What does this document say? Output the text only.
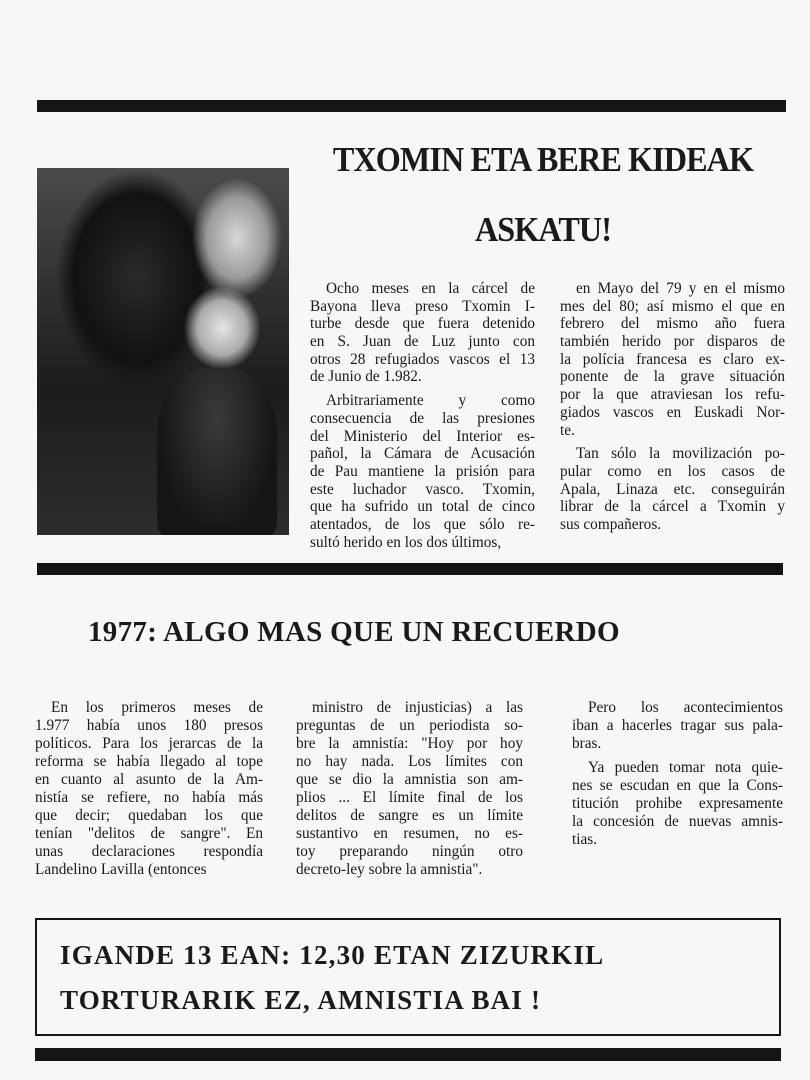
TXOMIN ETA BERE KIDEAK
ASKATU!
Ocho meses en la cárcel de
Bayona lleva preso Txomin I-
turbe desde que fuera detenido
en S. Juan de Luz junto con
otros 28 refugiados vascos el 13
de Junio de 1.982.
Arbitrariamente y como
consecuencia de las presiones
del Ministerio del Interior es-
pañol, la Cámara de Acusación
de Pau mantiene la prisión para
este luchador vasco. Txomin,
que ha sufrido un total de cinco
atentados, de los que sólo re-
sultó herido en los dos últimos,
en Mayo del 79 y en el mismo
mes del 80; así mismo el que en
febrero del mismo año fuera
también herido por disparos de
la polícia francesa es claro ex-
ponente de la grave situación
por la que atraviesan los refu-
giados vascos en Euskadi Nor-
te.
Tan sólo la movilización po-
pular como en los casos de
Apala, Linaza etc. conseguirán
librar de la cárcel a Txomin y
sus compañeros.
1977: ALGO MAS QUE UN RECUERDO
En los primeros meses de
1.977 había unos 180 presos
políticos. Para los jerarcas de la
reforma se había llegado al tope
en cuanto al asunto de la Am-
nistía se refiere, no había más
que decir; quedaban los que
tenían "delitos de sangre". En
unas declaraciones respondía
Landelino Lavilla (entonces
ministro de injusticias) a las
preguntas de un periodista so-
bre la amnistía: "Hoy por hoy
no hay nada. Los límites con
que se dio la amnistia son am-
plios ... El límite final de los
delitos de sangre es un límite
sustantivo en resumen, no es-
toy preparando ningún otro
decreto-ley sobre la amnistia".
Pero los acontecimientos
iban a hacerles tragar sus pala-
bras.
Ya pueden tomar nota quie-
nes se escudan en que la Cons-
titución prohibe expresamente
la concesión de nuevas amnis-
tias.
IGANDE 13 EAN: 12,30 ETAN ZIZURKIL
TORTURARIK EZ, AMNISTIA BAI !
